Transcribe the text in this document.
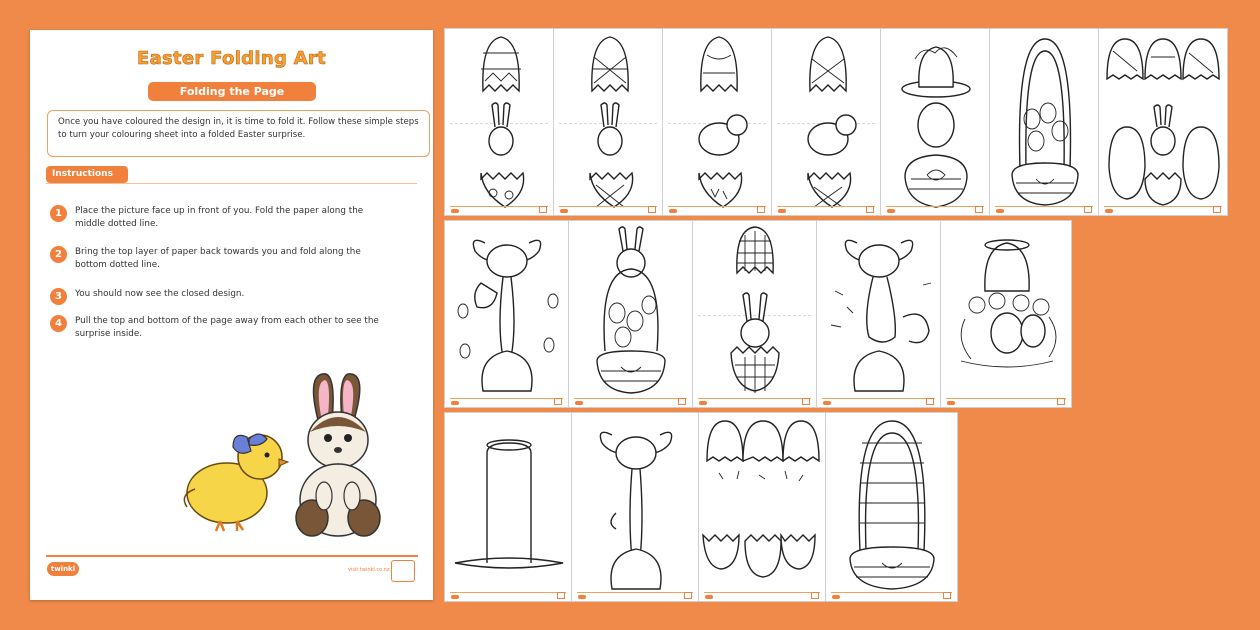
Easter Folding Art
Folding the Page
Once you have coloured the design in, it is time to fold it. Follow these simple steps to turn your colouring sheet into a folded Easter surprise.
Instructions
1	Place the picture face up in front of you. Fold the paper along the middle dotted line.
2	Bring the top layer of paper back towards you and fold along the bottom dotted line.
3	You should now see the closed design.
4	Pull the top and bottom of the page away from each other to see the surprise inside.
twinkl	visit twinkl.co.nz
